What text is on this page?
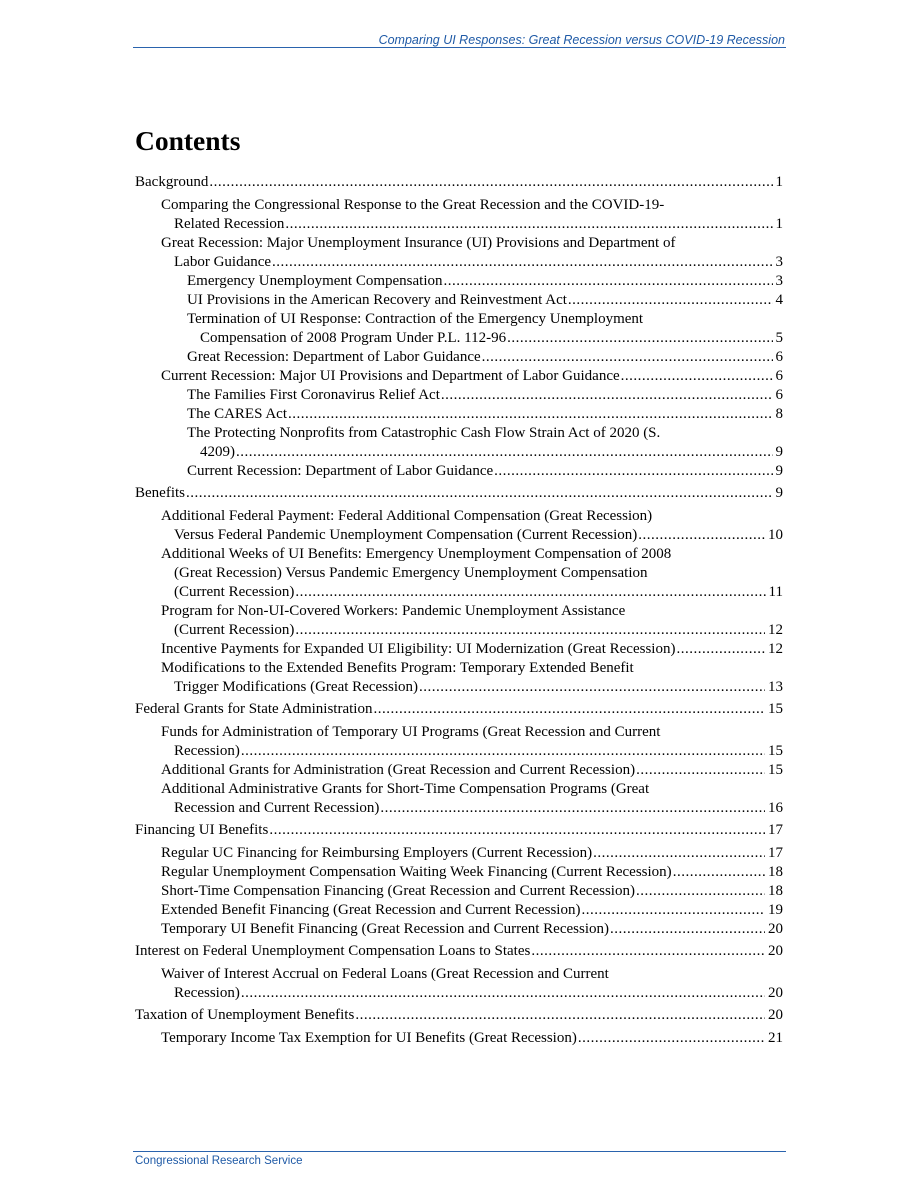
Comparing UI Responses: Great Recession versus COVID-19 Recession
Contents
Background .....	1
Comparing the Congressional Response to the Great Recession and the COVID-19-
Related Recession .....	1
Great Recession: Major Unemployment Insurance (UI) Provisions and Department of
Labor Guidance .....	3
Emergency Unemployment Compensation .....	3
UI Provisions in the American Recovery and Reinvestment Act .....	4
Termination of UI Response: Contraction of the Emergency Unemployment
Compensation of 2008 Program Under P.L. 112-96 .....	5
Great Recession: Department of Labor Guidance .....	6
Current Recession: Major UI Provisions and Department of Labor Guidance .....	6
The Families First Coronavirus Relief Act .....	6
The CARES Act .....	8
The Protecting Nonprofits from Catastrophic Cash Flow Strain Act of 2020 (S.
4209) .....	9
Current Recession: Department of Labor Guidance .....	9
Benefits .....	9
Additional Federal Payment: Federal Additional Compensation (Great Recession)
Versus Federal Pandemic Unemployment Compensation (Current Recession) .....	10
Additional Weeks of UI Benefits: Emergency Unemployment Compensation of 2008
(Great Recession) Versus Pandemic Emergency Unemployment Compensation
(Current Recession) .....	11
Program for Non-UI-Covered Workers: Pandemic Unemployment Assistance
(Current Recession) .....	12
Incentive Payments for Expanded UI Eligibility: UI Modernization (Great Recession) .....	12
Modifications to the Extended Benefits Program: Temporary Extended Benefit
Trigger Modifications (Great Recession) .....	13
Federal Grants for State Administration .....	15
Funds for Administration of Temporary UI Programs (Great Recession and Current
Recession) .....	15
Additional Grants for Administration (Great Recession and Current Recession) .....	15
Additional Administrative Grants for Short-Time Compensation Programs (Great
Recession and Current Recession) .....	16
Financing UI Benefits .....	17
Regular UC Financing for Reimbursing Employers (Current Recession) .....	17
Regular Unemployment Compensation Waiting Week Financing (Current Recession) .....	18
Short-Time Compensation Financing (Great Recession and Current Recession) .....	18
Extended Benefit Financing (Great Recession and Current Recession) .....	19
Temporary UI Benefit Financing (Great Recession and Current Recession) .....	20
Interest on Federal Unemployment Compensation Loans to States .....	20
Waiver of Interest Accrual on Federal Loans (Great Recession and Current
Recession) .....	20
Taxation of Unemployment Benefits .....	20
Temporary Income Tax Exemption for UI Benefits (Great Recession) .....	21
Congressional Research Service
